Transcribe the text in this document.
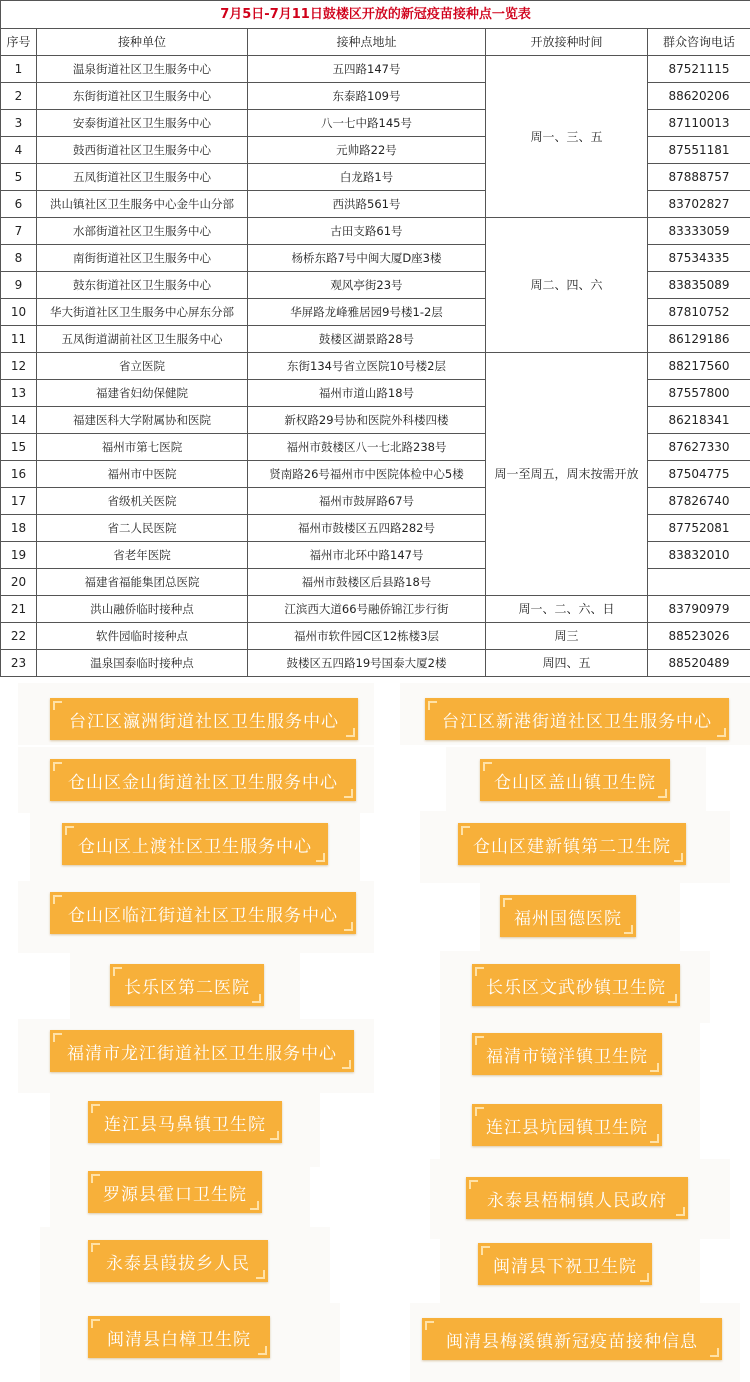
7月5日-7月11日鼓楼区开放的新冠疫苗接种点一览表				
序号	接种单位	接种点地址	开放接种时间	群众咨询电话
1	温泉街道社区卫生服务中心	五四路147号	周一、三、五	87521115
2	东街街道社区卫生服务中心	东泰路109号		88620206
3	安泰街道社区卫生服务中心	八一七中路145号		87110013
4	鼓西街道社区卫生服务中心	元帅路22号		87551181
5	五凤街道社区卫生服务中心	白龙路1号		87888757
6	洪山镇社区卫生服务中心金牛山分部	西洪路561号		83702827
7	水部街道社区卫生服务中心	古田支路61号	周二、四、六	83333059
8	南街街道社区卫生服务中心	杨桥东路7号中闽大厦D座3楼		87534335
9	鼓东街道社区卫生服务中心	观风亭街23号		83835089
10	华大街道社区卫生服务中心屏东分部	华屏路龙峰雅居园9号楼1-2层		87810752
11	五凤街道湖前社区卫生服务中心	鼓楼区湖景路28号		86129186
12	省立医院	东街134号省立医院10号楼2层	周一至周五，周末按需开放	88217560
13	福建省妇幼保健院	福州市道山路18号		87557800
14	福建医科大学附属协和医院	新权路29号协和医院外科楼四楼		86218341
15	福州市第七医院	福州市鼓楼区八一七北路238号		87627330
16	福州市中医院	贤南路26号福州市中医院体检中心5楼		87504775
17	省级机关医院	福州市鼓屏路67号		87826740
18	省二人民医院	福州市鼓楼区五四路282号		87752081
19	省老年医院	福州市北环中路147号		83832010
20	福建省福能集团总医院	福州市鼓楼区后县路18号		
21	洪山融侨临时接种点	江滨西大道66号融侨锦江步行街	周一、二、六、日	83790979
22	软件园临时接种点	福州市软件园C区12栋楼3层	周三	88523026
23	温泉国泰临时接种点	鼓楼区五四路19号国泰大厦2楼	周四、五	88520489
台江区瀛洲街道社区卫生服务中心	台江区新港街道社区卫生服务中心
仓山区金山街道社区卫生服务中心	仓山区盖山镇卫生院
仓山区上渡社区卫生服务中心	仓山区建新镇第二卫生院
仓山区临江街道社区卫生服务中心	福州国德医院
长乐区第二医院	长乐区文武砂镇卫生院
福清市龙江街道社区卫生服务中心	福清市镜洋镇卫生院
连江县马鼻镇卫生院	连江县坑园镇卫生院
罗源县霍口卫生院	永泰县梧桐镇人民政府
永泰县葭拔乡人民	闽清县下祝卫生院
闽清县白樟卫生院	闽清县梅溪镇新冠疫苗接种信息
